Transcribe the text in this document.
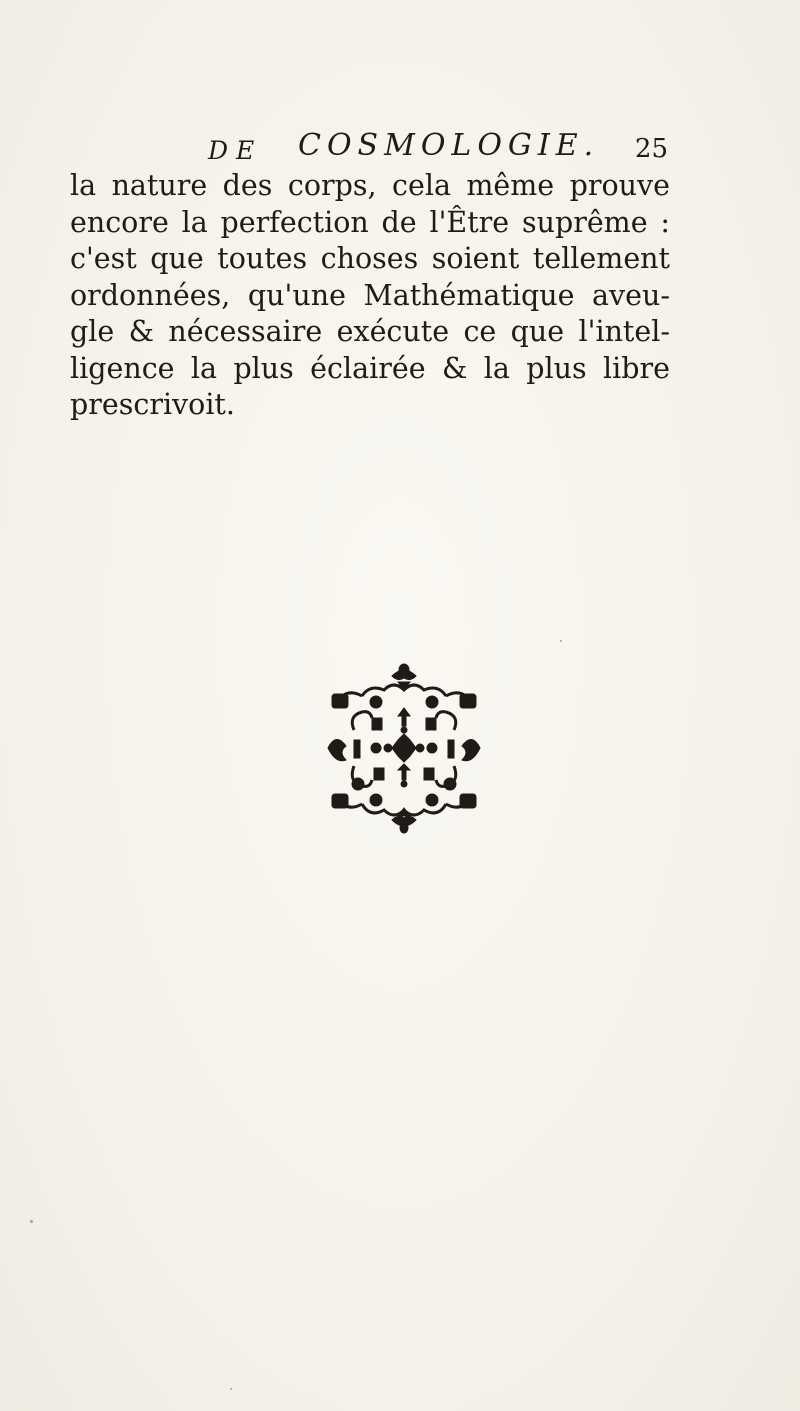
DE COSMOLOGIE. 25
la nature des corps, cela même prouve
encore la perfection de l'Être suprême :
c'est que toutes choses soient tellement
ordonnées, qu'une Mathématique aveu-
gle & nécessaire exécute ce que l'intel-
ligence la plus éclairée & la plus libre
prescrivoit.
